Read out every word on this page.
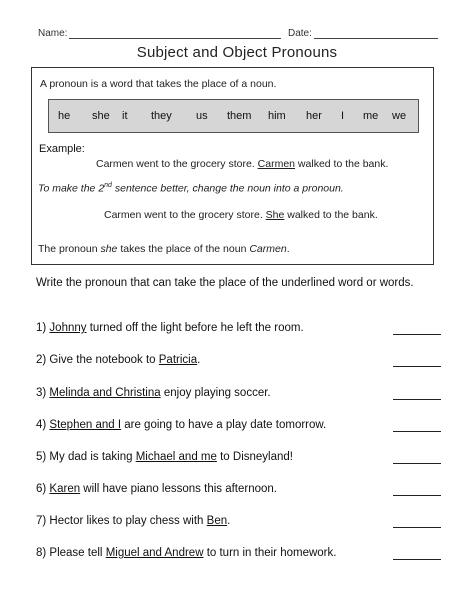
Name:	Date:
Subject and Object Pronouns
A pronoun is a word that takes the place of a noun.
he she it they us them him her I me we
Example:
Carmen went to the grocery store. Carmen walked to the bank.
To make the 2nd sentence better, change the noun into a pronoun.
Carmen went to the grocery store. She walked to the bank.
The pronoun she takes the place of the noun Carmen.
Write the pronoun that can take the place of the underlined word or words.
1) Johnny turned off the light before he left the room.
2) Give the notebook to Patricia.
3) Melinda and Christina enjoy playing soccer.
4) Stephen and I are going to have a play date tomorrow.
5) My dad is taking Michael and me to Disneyland!
6) Karen will have piano lessons this afternoon.
7) Hector likes to play chess with Ben.
8) Please tell Miguel and Andrew to turn in their homework.
